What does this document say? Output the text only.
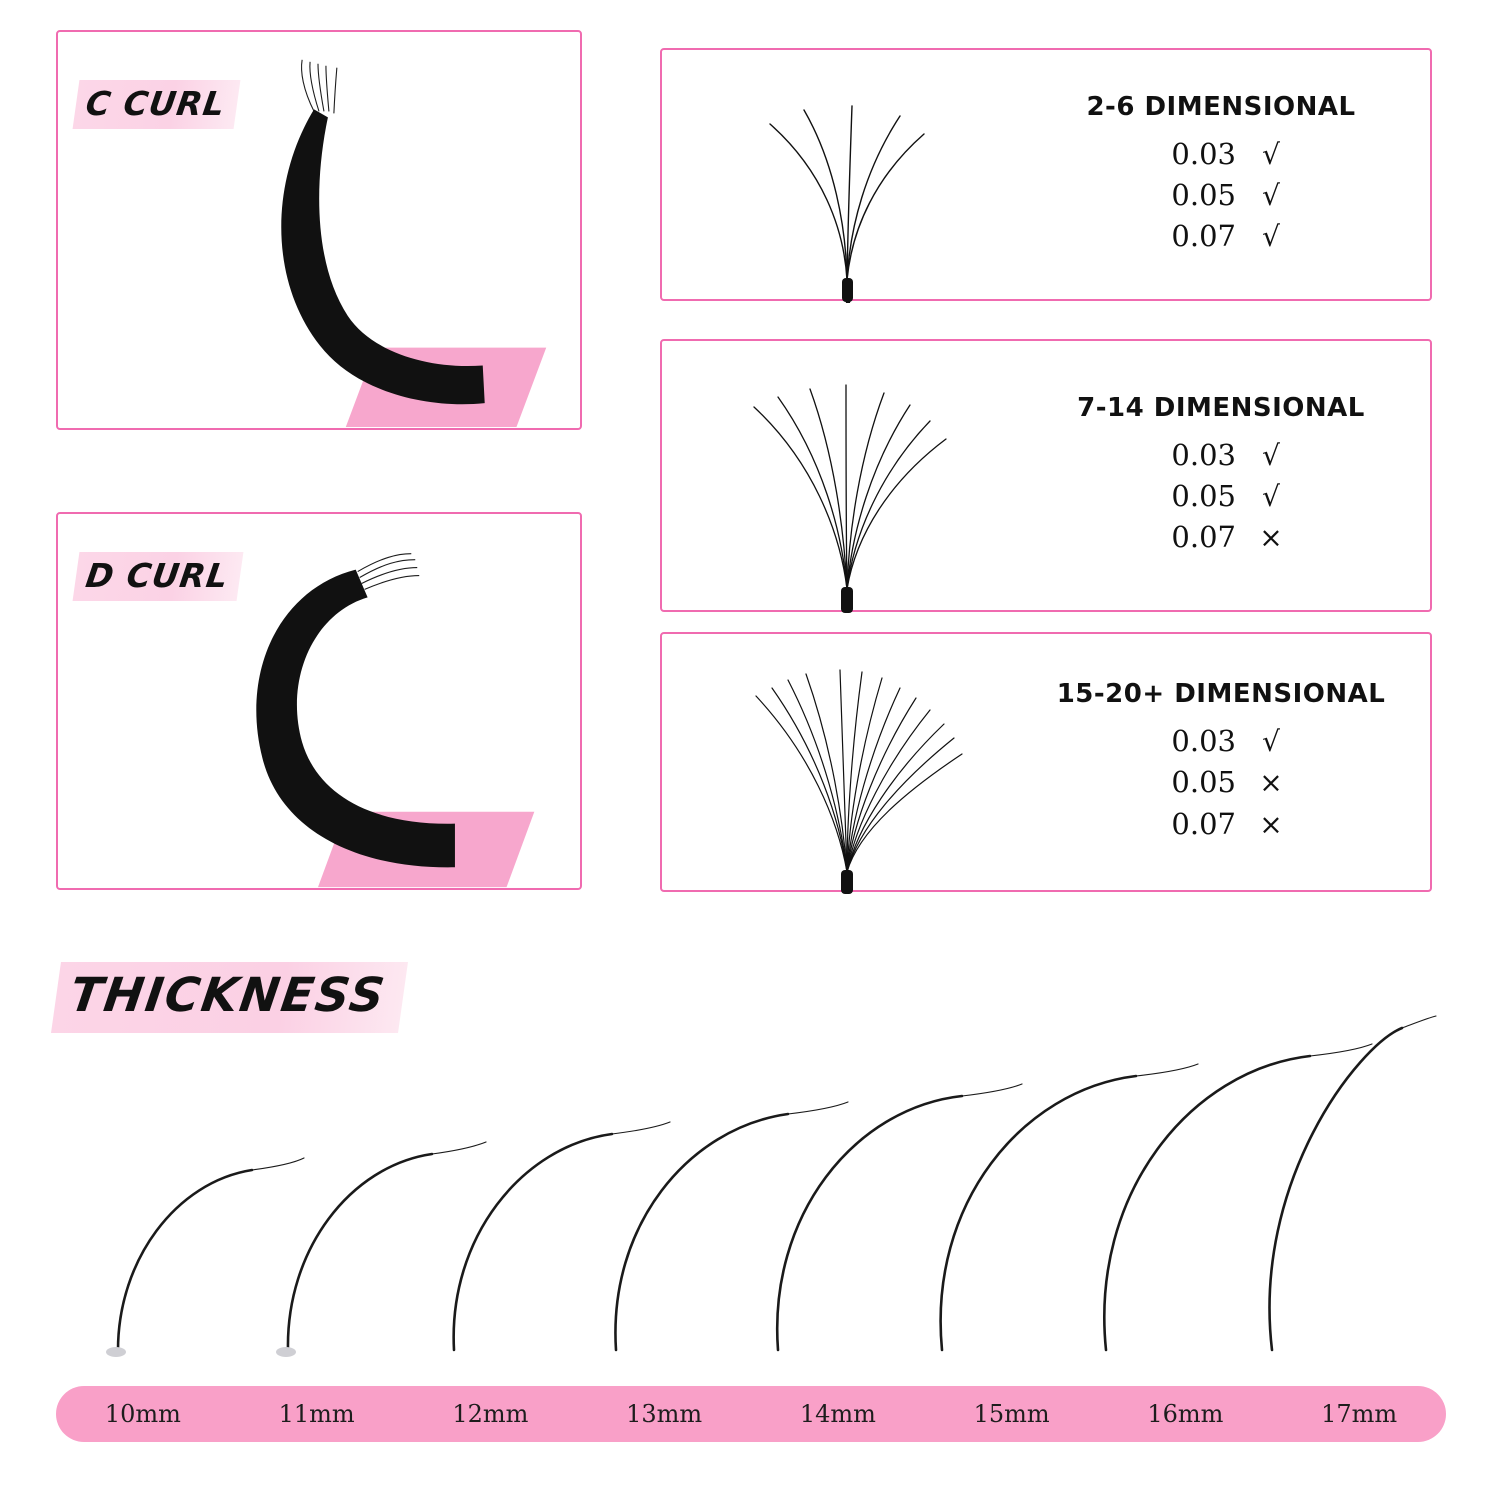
C CURL
D CURL
2-6 DIMENSIONAL
0.03 √
0.05 √
0.07 √
7-14 DIMENSIONAL
0.03 √
0.05 √
0.07 ×
15-20+ DIMENSIONAL
0.03 √
0.05 ×
0.07 ×
THICKNESS
10mm	11mm	12mm	13mm	14mm	15mm	16mm	17mm
